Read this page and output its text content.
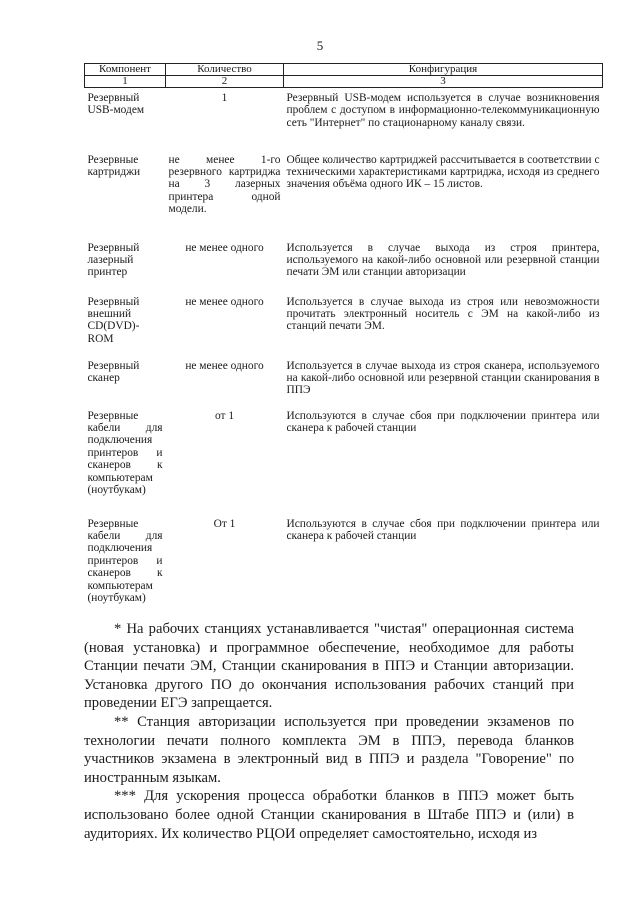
5
Компонент	Количество	Конфигурация
1	2	3
Резервный USB-модем	1	Резервный USB-модем используется в случае возникновения проблем с доступом в информационно-телекоммуникационную сеть "Интернет" по стационарному каналу связи.
Резервные картриджи	не менее 1-го резервного картриджа на 3 лазерных принтера одной модели.	Общее количество картриджей рассчитывается в соответствии с техническими характеристиками картриджа, исходя из среднего значения объёма одного ИК – 15 листов.
Резервный лазерный принтер	не менее одного	Используется в случае выхода из строя принтера, используемого на какой-либо основной или резервной станции печати ЭМ или станции авторизации
Резервный внешний CD(DVD)-ROM	не менее одного	Используется в случае выхода из строя или невозможности прочитать электронный носитель с ЭМ на какой-либо из станций печати ЭМ.
Резервный сканер	не менее одного	Используется в случае выхода из строя сканера, используемого на какой-либо основной или резервной станции сканирования в ППЭ
Резервные кабели для подключения принтеров и сканеров к компьютерам (ноутбукам)	от 1	Используются в случае сбоя при подключении принтера или сканера к рабочей станции
Резервные кабели для подключения принтеров и сканеров к компьютерам (ноутбукам)	От 1	Используются в случае сбоя при подключении принтера или сканера к рабочей станции

* На рабочих станциях устанавливается "чистая" операционная система (новая установка) и программное обеспечение, необходимое для работы Станции печати ЭМ, Станции сканирования в ППЭ и Станции авторизации. Установка другого ПО до окончания использования рабочих станций при проведении ЕГЭ запрещается.

** Станция авторизации используется при проведении экзаменов по технологии печати полного комплекта ЭМ в ППЭ, перевода бланков участников экзамена в электронный вид в ППЭ и раздела "Говорение" по иностранным языкам.

*** Для ускорения процесса обработки бланков в ППЭ может быть использовано более одной Станции сканирования в Штабе ППЭ и (или) в аудиториях. Их количество РЦОИ определяет самостоятельно, исходя из
